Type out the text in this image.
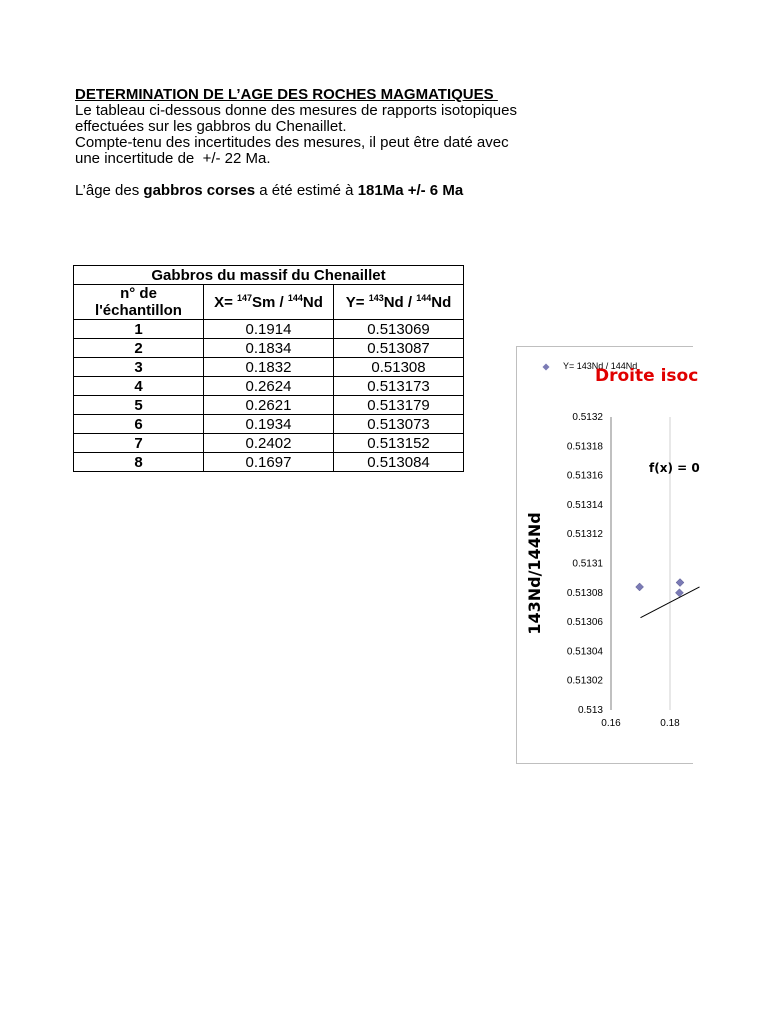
DETERMINATION DE L’AGE DES ROCHES MAGMATIQUES
Le tableau ci-dessous donne des mesures de rapports isotopiques
effectuées sur les gabbros du Chenaillet.
Compte-tenu des incertitudes des mesures, il peut être daté avec
une incertitude de  +/- 22 Ma.
L’âge des gabbros corses a été estimé à 181Ma +/- 6 Ma
Gabbros du massif du Chenaillet		
n° de l'échantillon	X= $^{147}$Sm / $^{144}$Nd	Y= $^{143}$Nd / $^{144}$Nd
1	0.1914	0.513069
2	0.1834	0.513087
3	0.1832	0.51308
4	0.2624	0.513173
5	0.2621	0.513179
6	0.1934	0.513073
7	0.2402	0.513152
8	0.1697	0.513084
0.16	0.18
0.513
0.51302
0.51304
0.51306
0.51308
0.5131
0.51312
0.51314
0.51316
0.51318
0.5132
143Nd/144Nd
Y= 143Nd / 144Nd
Droite isoc
f(x) = 0
